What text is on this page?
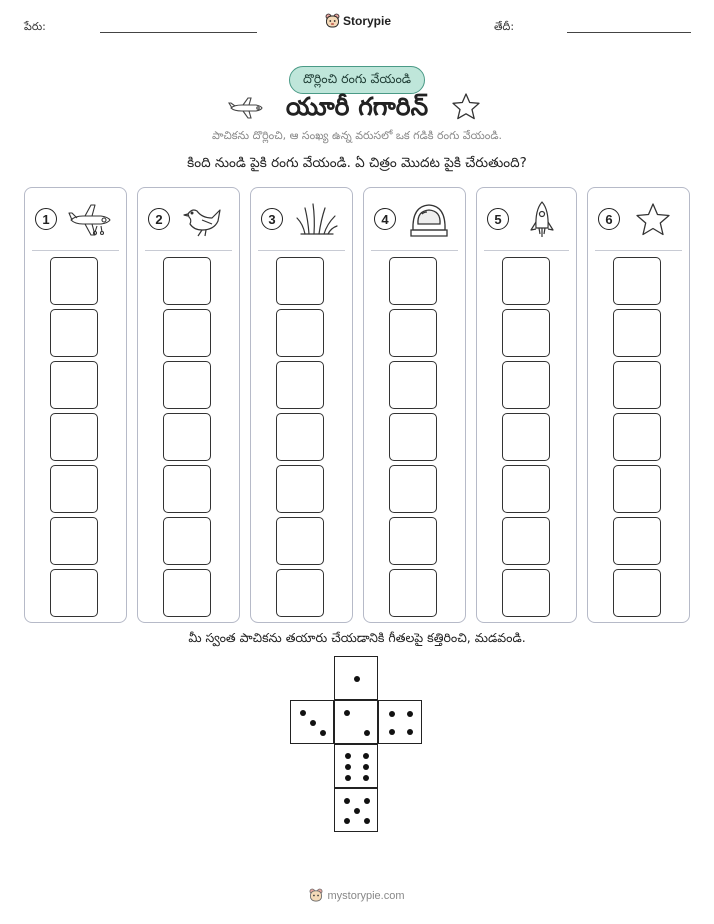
పేరు:	Storypie	తేదీ:
దొర్లించి రంగు వేయండి
యూరీ గగారిన్
పాచికను దొర్లించి, ఆ సంఖ్య ఉన్న వరుసలో ఒక గడికి రంగు వేయండి.
కింది నుండి పైకి రంగు వేయండి. ఏ చిత్రం మొదట పైకి చేరుతుంది?
1	2	3	4	5	6
మీ స్వంత పాచికను తయారు చేయడానికి గీతలపై కత్తిరించి, మడవండి.
mystorypie.com
